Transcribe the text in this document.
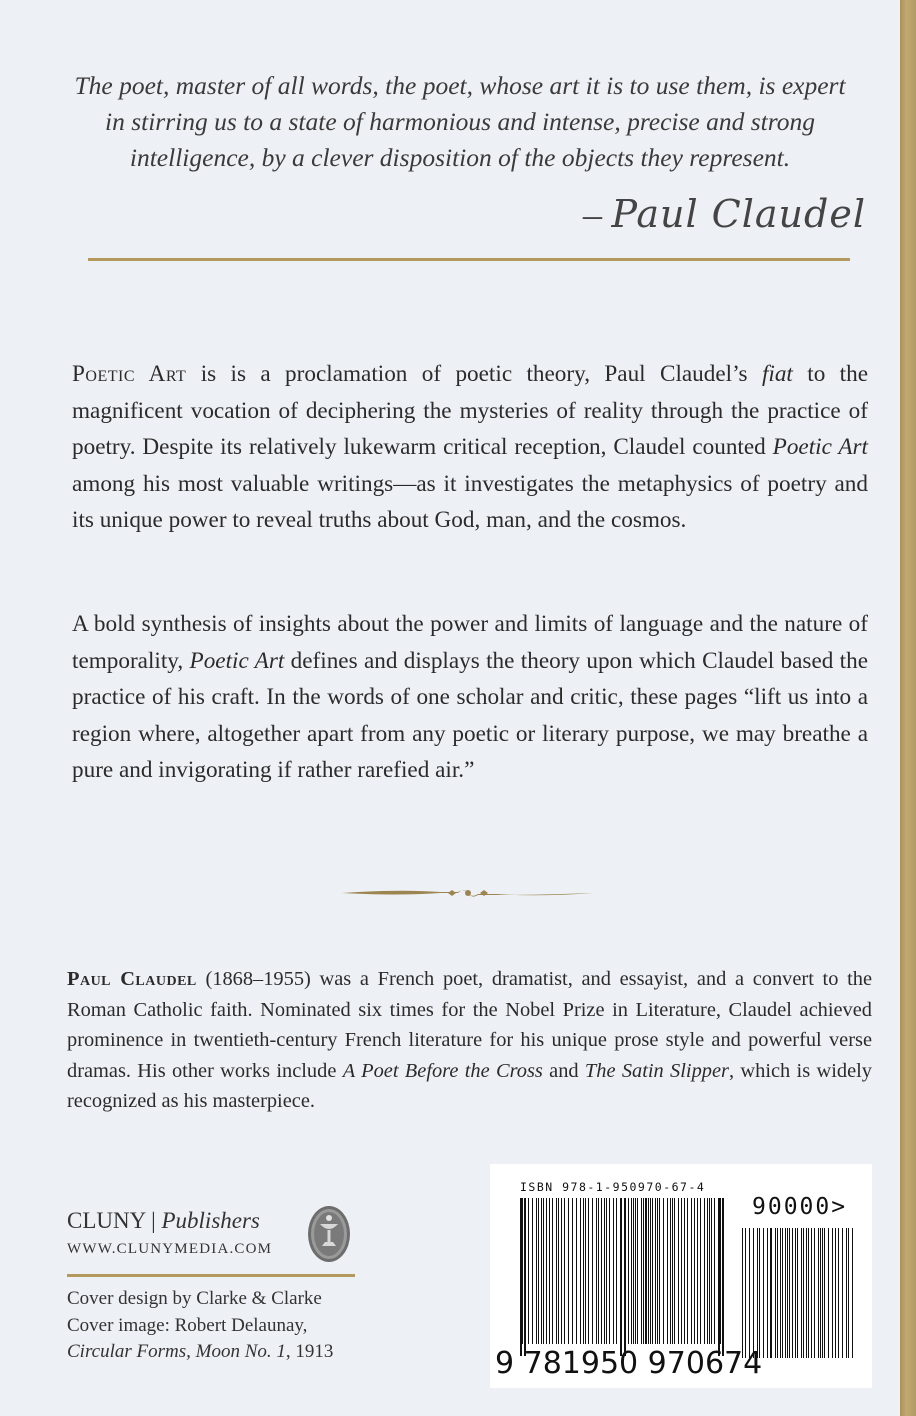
The poet, master of all words, the poet, whose art it is to use them, is expert in stirring us to a state of harmonious and intense, precise and strong intelligence, by a clever disposition of the objects they represent.
– Paul Claudel

Poetic Art is is a proclamation of poetic theory, Paul Claudel’s fiat to the magnificent vocation of deciphering the mysteries of reality through the practice of poetry. Despite its relatively lukewarm critical reception, Claudel counted Poetic Art among his most valuable writings—as it investigates the metaphysics of poetry and its unique power to reveal truths about God, man, and the cosmos.

A bold synthesis of insights about the power and limits of language and the nature of temporality, Poetic Art defines and displays the theory upon which Claudel based the practice of his craft. In the words of one scholar and critic, these pages “lift us into a region where, altogether apart from any poetic or literary purpose, we may breathe a pure and invigorating if rather rarefied air.”

Paul Claudel (1868–1955) was a French poet, dramatist, and essayist, and a convert to the Roman Catholic faith. Nominated six times for the Nobel Prize in Literature, Claudel achieved prominence in twentieth-century French literature for his unique prose style and powerful verse dramas. His other works include A Poet Before the Cross and The Satin Slipper, which is widely recognized as his masterpiece.

CLUNY | Publishers
WWW.CLUNYMEDIA.COM
Cover design by Clarke & Clarke
Cover image: Robert Delaunay,
Circular Forms, Moon No. 1, 1913
ISBN 978-1-950970-67-4
90000>
9 781950 970674
